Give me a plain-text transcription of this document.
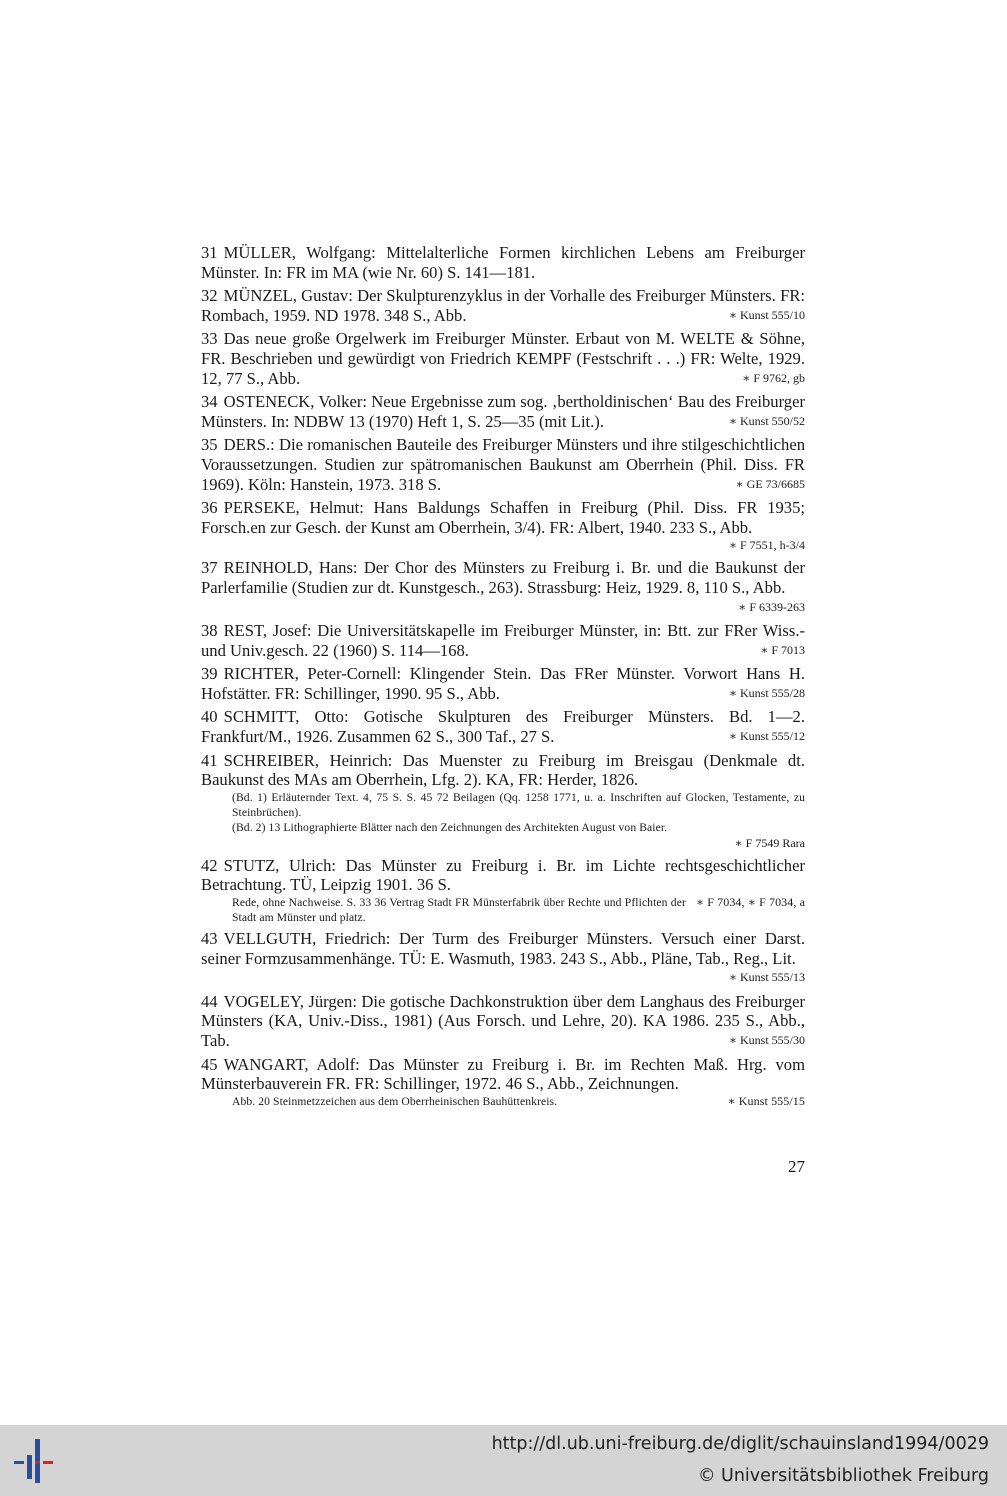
31 MÜLLER, Wolfgang: Mittelalterliche Formen kirchlichen Lebens am Freiburger Münster. In: FR im MA (wie Nr. 60) S. 141—181.
32 MÜNZEL, Gustav: Der Skulpturenzyklus in der Vorhalle des Freiburger Münsters. FR: Rombach, 1959. ND 1978. 348 S., Abb.	∗ Kunst 555/10
33 Das neue große Orgelwerk im Freiburger Münster. Erbaut von M. WELTE & Söhne, FR. Beschrieben und gewürdigt von Friedrich KEMPF (Festschrift . . .) FR: Welte, 1929. 12, 77 S., Abb.	∗ F 9762, gb
34 OSTENECK, Volker: Neue Ergebnisse zum sog. ‚bertholdinischen‘ Bau des Freiburger Münsters. In: NDBW 13 (1970) Heft 1, S. 25—35 (mit Lit.).	∗ Kunst 550/52
35 DERS.: Die romanischen Bauteile des Freiburger Münsters und ihre stilgeschichtlichen Voraussetzungen. Studien zur spätromanischen Baukunst am Oberrhein (Phil. Diss. FR 1969). Köln: Hanstein, 1973. 318 S.	∗ GE 73/6685
36 PERSEKE, Helmut: Hans Baldungs Schaffen in Freiburg (Phil. Diss. FR 1935; Forsch.en zur Gesch. der Kunst am Oberrhein, 3/4). FR: Albert, 1940. 233 S., Abb.
∗ F 7551, h-3/4
37 REINHOLD, Hans: Der Chor des Münsters zu Freiburg i. Br. und die Baukunst der Parlerfamilie (Studien zur dt. Kunstgesch., 263). Strassburg: Heiz, 1929. 8, 110 S., Abb.
∗ F 6339-263
38 REST, Josef: Die Universitätskapelle im Freiburger Münster, in: Btt. zur FRer Wiss.- und Univ.gesch. 22 (1960) S. 114—168.	∗ F 7013
39 RICHTER, Peter-Cornell: Klingender Stein. Das FRer Münster. Vorwort Hans H. Hofstätter. FR: Schillinger, 1990. 95 S., Abb.	∗ Kunst 555/28
40 SCHMITT, Otto: Gotische Skulpturen des Freiburger Münsters. Bd. 1—2. Frankfurt/M., 1926. Zusammen 62 S., 300 Taf., 27 S.	∗ Kunst 555/12
41 SCHREIBER, Heinrich: Das Muenster zu Freiburg im Breisgau (Denkmale dt. Baukunst des MAs am Oberrhein, Lfg. 2). KA, FR: Herder, 1826.
(Bd. 1) Erläuternder Text. 4, 75 S. S. 45 72 Beilagen (Qq. 1258 1771, u. a. Inschriften auf Glocken, Testamente, zu Steinbrüchen).
(Bd. 2) 13 Lithographierte Blätter nach den Zeichnungen des Architekten August von Baier.
∗ F 7549 Rara
42 STUTZ, Ulrich: Das Münster zu Freiburg i. Br. im Lichte rechtsgeschichtlicher Betrachtung. TÜ, Leipzig 1901. 36 S.
∗ F 7034, ∗ F 7034, a
Rede, ohne Nachweise. S. 33 36 Vertrag Stadt FR Münsterfabrik über Rechte und Pflichten der Stadt am Münster und platz.
43 VELLGUTH, Friedrich: Der Turm des Freiburger Münsters. Versuch einer Darst. seiner Formzusammenhänge. TÜ: E. Wasmuth, 1983. 243 S., Abb., Pläne, Tab., Reg., Lit.
∗ Kunst 555/13
44 VOGELEY, Jürgen: Die gotische Dachkonstruktion über dem Langhaus des Freiburger Münsters (KA, Univ.-Diss., 1981) (Aus Forsch. und Lehre, 20). KA 1986. 235 S., Abb., Tab.	∗ Kunst 555/30
45 WANGART, Adolf: Das Münster zu Freiburg i. Br. im Rechten Maß. Hrg. vom Münsterbauverein FR. FR: Schillinger, 1972. 46 S., Abb., Zeichnungen.
∗ Kunst 555/15
Abb. 20 Steinmetzzeichen aus dem Oberrheinischen Bauhüttenkreis.
27
http://dl.ub.uni-freiburg.de/diglit/schauinsland1994/0029
© Universitätsbibliothek Freiburg
